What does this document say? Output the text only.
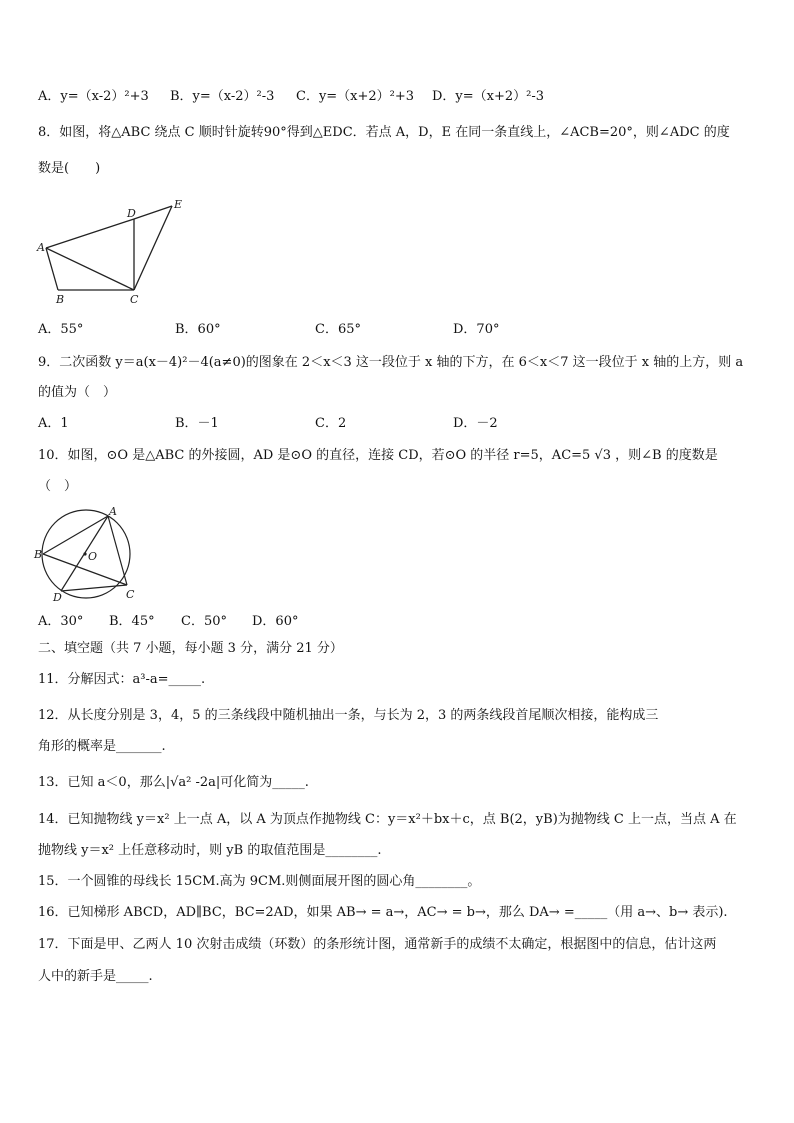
A．y=（x-2）²+3 B．y=（x-2）²-3 C．y=（x+2）²+3 D．y=（x+2）²-3
8．如图，将△ABC 绕点 C 顺时针旋转90°得到△EDC．若点 A，D，E 在同一条直线上，∠ACB=20°，则∠ADC 的度
数是(　　)
A
B	C
D
E
A．55°	B．60°	C．65°	D．70°
9．二次函数 y＝a(x－4)²－4(a≠0)的图象在 2＜x＜3 这一段位于 x 轴的下方，在 6＜x＜7 这一段位于 x 轴的上方，则 a
的值为（　）
A．1	B．－1	C．2	D．－2
10．如图，⊙O 是△ABC 的外接圆，AD 是⊙O 的直径，连接 CD，若⊙O 的半径 r=5，AC=5 √3 ，则∠B 的度数是
（　）
A
B
C
D
O
A．30° B．45° C．50° D．60°
二、填空题（共 7 小题，每小题 3 分，满分 21 分）
11．分解因式：a³-a=_____.
12．从长度分别是 3，4，5 的三条线段中随机抽出一条，与长为 2，3 的两条线段首尾顺次相接，能构成三
角形的概率是_______.
13．已知 a＜0，那么|√a² -2a|可化简为_____.
14．已知抛物线 y＝x² 上一点 A，以 A 为顶点作抛物线 C：y＝x²＋bx＋c，点 B(2，yB)为抛物线 C 上一点，当点 A 在
抛物线 y＝x² 上任意移动时，则 yB 的取值范围是________.
15．一个圆锥的母线长 15CM.高为 9CM.则侧面展开图的圆心角________。
16．已知梯形 ABCD，AD∥BC，BC=2AD，如果 AB→ = a→，AC→ = b→，那么 DA→ =_____（用 a→、b→ 表示).
17．下面是甲、乙两人 10 次射击成绩（环数）的条形统计图，通常新手的成绩不太确定，根据图中的信息，估计这两
人中的新手是_____.
